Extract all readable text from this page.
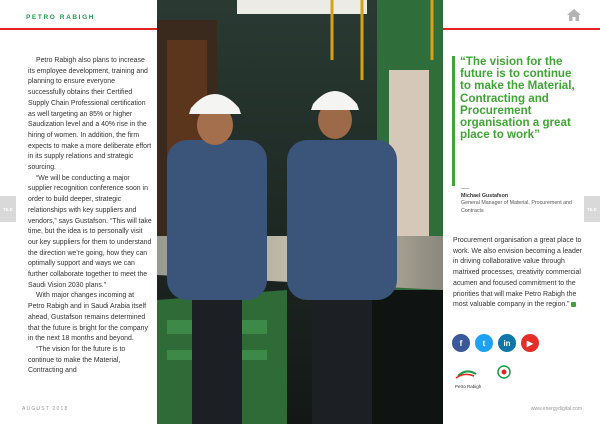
PETRO RABIGH

Petro Rabigh also plans to increase its employee development, training and planning to ensure everyone successfully obtains their Certified Supply Chain Professional certification as well targeting an 85% or higher Saudization level and a 40% rise in the hiring of women. In addition, the firm expects to make a more deliberate effort in its supply relations and strategic sourcing.

“We will be conducting a major supplier recognition conference soon in order to build deeper, strategic relationships with key suppliers and vendors,” says Gustafson. “This will take time, but the idea is to personally visit our key suppliers for them to understand the direction we’re going, how they can optimally support and ways we can further collaborate together to meet the Saudi Vision 2030 plans.”

With major changes incoming at Petro Rabigh and in Saudi Arabia itself ahead, Gustafson remains determined that the future is bright for the company in the next 18 months and beyond.

“The vision for the future is to continue to make the Material, Contracting and

“The vision for the future is to continue to make the Material, Contracting and Procurement organisation a great place to work”
Michael Gustafson
General Manager of Material, Procurement and Contracts
Procurement organisation a great place to work. We also envision becoming a leader in driving collaborative value through matrixed processes, creativity commercial acumen and focused commitment to the priorities that will make Petro Rabigh the most valuable company in the region.”
f	t	in	▶
Petro Rabigh
TILE	TILE
AUGUST 2018	www.energydigital.com
